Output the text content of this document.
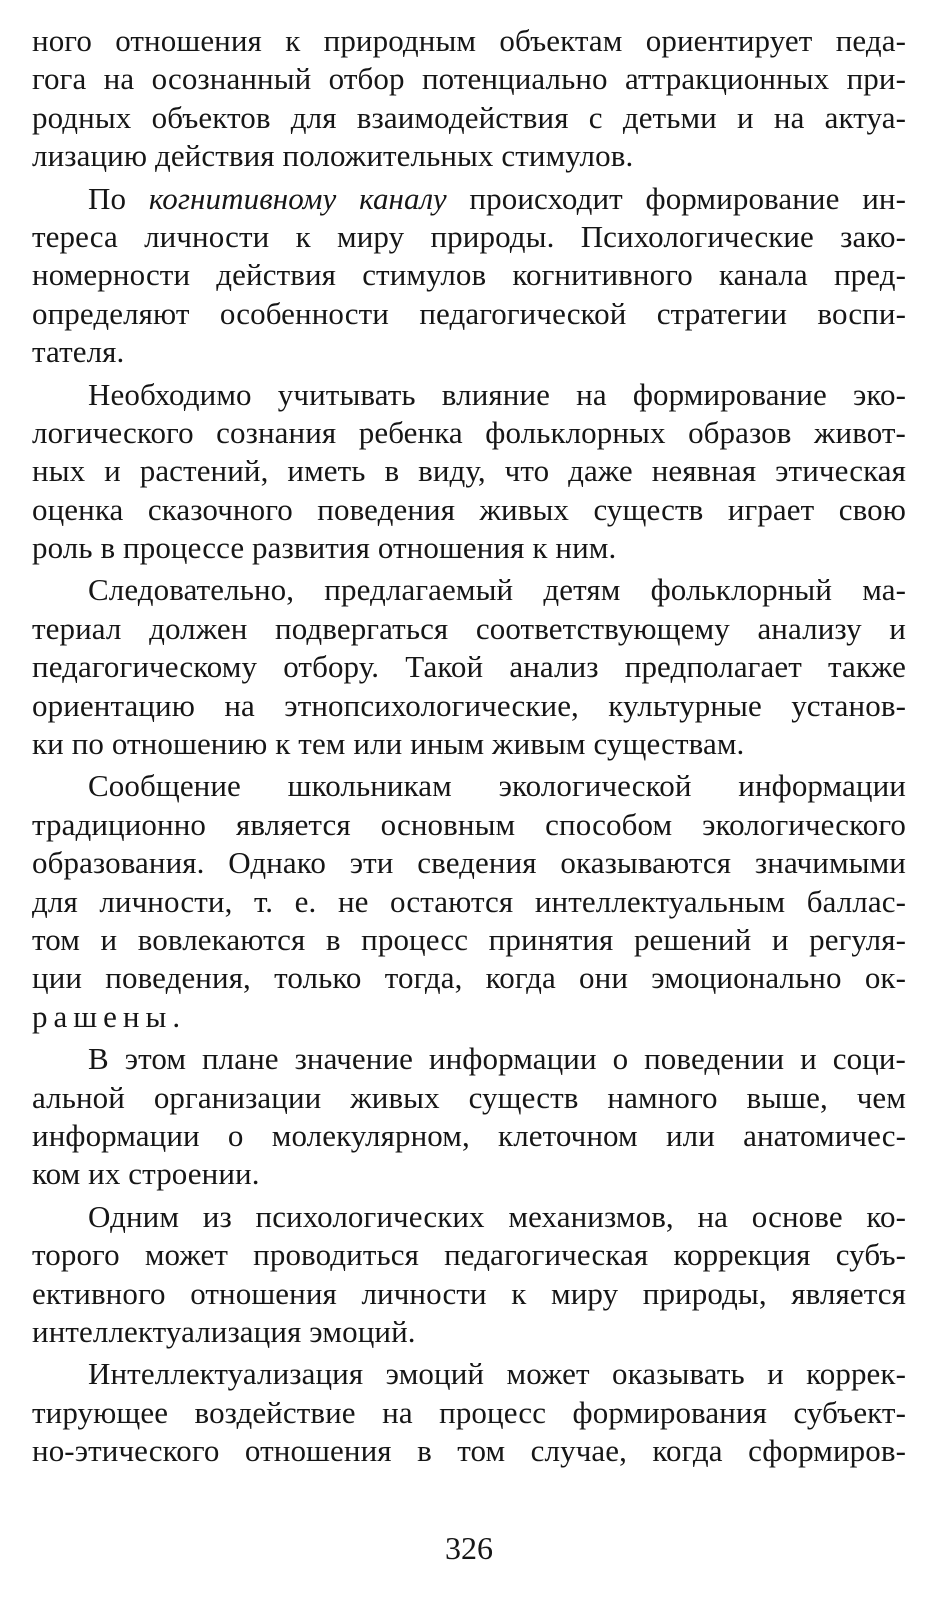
ного отношения к природным объектам ориентирует педа-
гога на осознанный отбор потенциально аттракционных при-
родных объектов для взаимодействия с детьми и на актуа-
лизацию действия положительных стимулов.
По когнитивному каналу происходит формирование ин-
тереса личности к миру природы. Психологические зако-
номерности действия стимулов когнитивного канала пред-
определяют особенности педагогической стратегии воспи-
тателя.
Необходимо учитывать влияние на формирование эко-
логического сознания ребенка фольклорных образов живот-
ных и растений, иметь в виду, что даже неявная этическая
оценка сказочного поведения живых существ играет свою
роль в процессе развития отношения к ним.
Следовательно, предлагаемый детям фольклорный ма-
териал должен подвергаться соответствующему анализу и
педагогическому отбору. Такой анализ предполагает также
ориентацию на этнопсихологические, культурные установ-
ки по отношению к тем или иным живым существам.
Сообщение школьникам экологической информации
традиционно является основным способом экологического
образования. Однако эти сведения оказываются значимыми
для личности, т. е. не остаются интеллектуальным баллас-
том и вовлекаются в процесс принятия решений и регуля-
ции поведения, только тогда, когда они эмоционально ок-
рашены.
В этом плане значение информации о поведении и соци-
альной организации живых существ намного выше, чем
информации о молекулярном, клеточном или анатомичес-
ком их строении.
Одним из психологических механизмов, на основе ко-
торого может проводиться педагогическая коррекция субъ-
ективного отношения личности к миру природы, является
интеллектуализация эмоций.
Интеллектуализация эмоций может оказывать и коррек-
тирующее воздействие на процесс формирования субъект-
но-этического отношения в том случае, когда сформиров-
326
